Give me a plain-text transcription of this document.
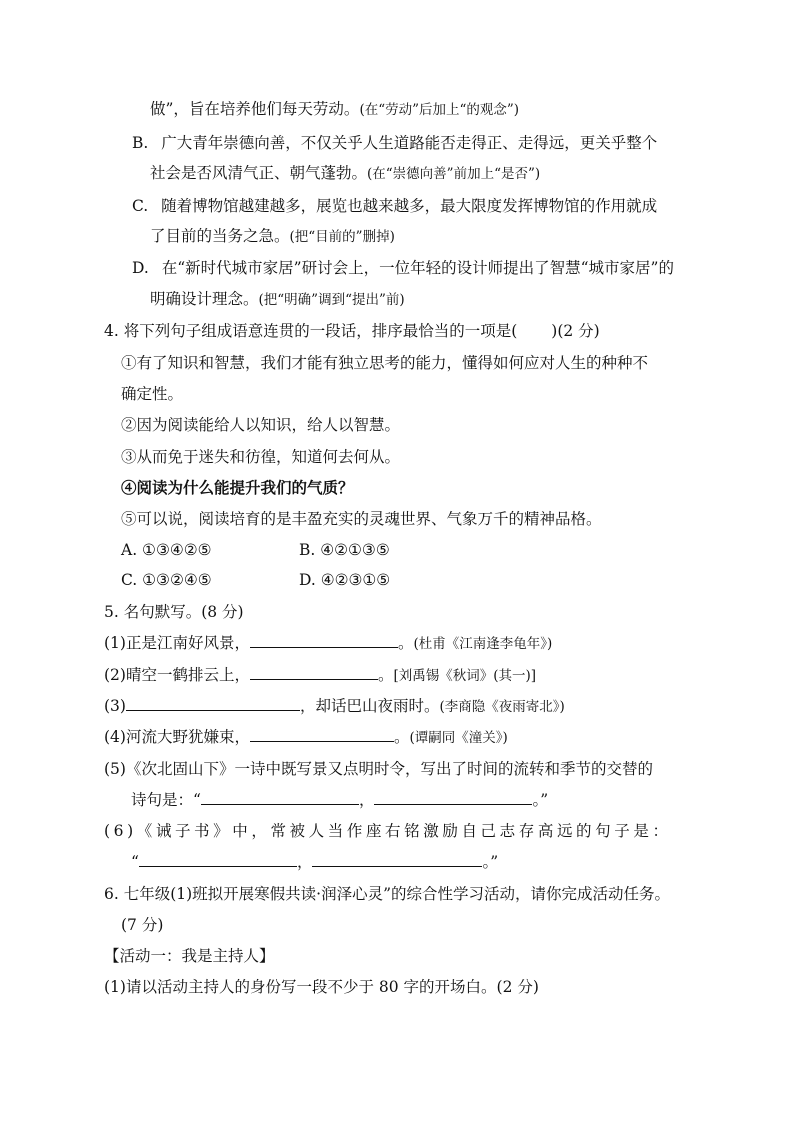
做”，旨在培养他们每天劳动。(在“劳动”后加上“的观念”)
B. 广大青年崇德向善，不仅关乎人生道路能否走得正、走得远，更关乎整个
社会是否风清气正、朝气蓬勃。(在“崇德向善”前加上“是否”)
C. 随着博物馆越建越多，展览也越来越多，最大限度发挥博物馆的作用就成
了目前的当务之急。(把“目前的”删掉)
D. 在“新时代城市家居”研讨会上，一位年轻的设计师提出了智慧“城市家居”的
明确设计理念。(把“明确”调到“提出”前)
4. 将下列句子组成语意连贯的一段话，排序最恰当的一项是( )(2 分)
①有了知识和智慧，我们才能有独立思考的能力，懂得如何应对人生的种种不
确定性。
②因为阅读能给人以知识，给人以智慧。
③从而免于迷失和彷徨，知道何去何从。
④阅读为什么能提升我们的气质？
⑤可以说，阅读培育的是丰盈充实的灵魂世界、气象万千的精神品格。
A. ①③④②⑤	B. ④②①③⑤
C. ①③②④⑤	D. ④②③①⑤
5. 名句默写。(8 分)
(1)正是江南好风景，	。(杜甫《江南逢李龟年》)
(2)晴空一鹤排云上，	。[刘禹锡《秋词》(其一)]
(3)	，却话巴山夜雨时。(李商隐《夜雨寄北》)
(4)河流大野犹嫌束，	。(谭嗣同《潼关》)
(5)《次北固山下》一诗中既写景又点明时令，写出了时间的流转和季节的交替的
诗句是：“	，	。”
(6)《诫子书》中，常被人当作座右铭激励自己志存高远的句子是：
“	，	。”
6. 七年级(1)班拟开展寒假共读·润泽心灵”的综合性学习活动，请你完成活动任务。
(7 分)
【活动一：我是主持人】
(1)请以活动主持人的身份写一段不少于 80 字的开场白。(2 分)
